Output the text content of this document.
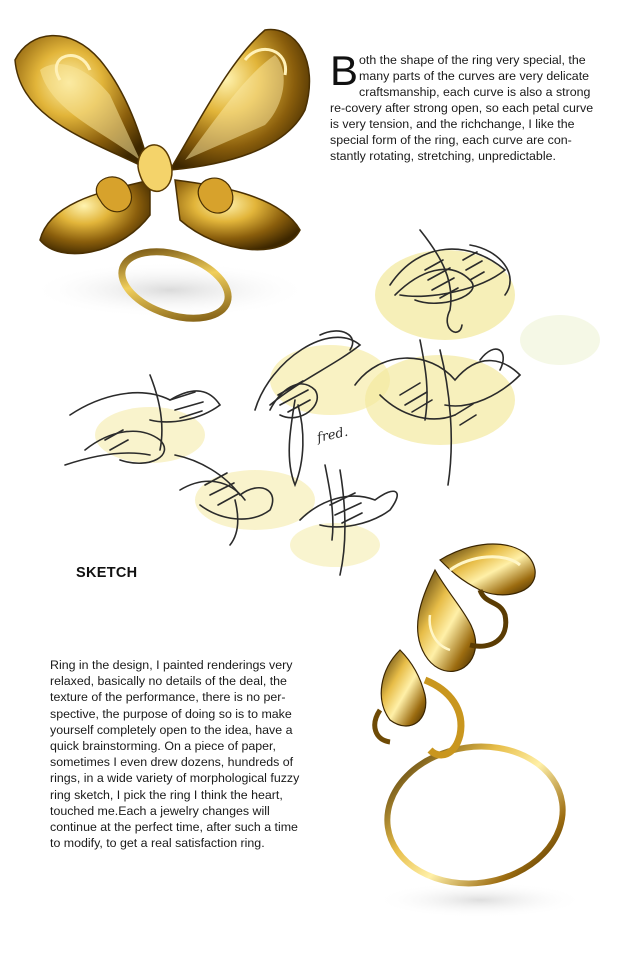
Both the shape of the ring very special, the many parts of the curves are very delicate craftsmanship, each curve is also a strong re-covery after strong open, so each petal curve is very tension, and the richchange, I like the special form of the ring, each curve are con-stantly rotating, stretching, unpredictable.
fred.
SKETCH
Ring in the design, I painted renderings very relaxed, basically no details of the deal, the texture of the performance, there is no per-spective, the purpose of doing so is to make yourself completely open to the idea, have a quick brainstorming. On a piece of paper, sometimes I even drew dozens, hundreds of rings, in a wide variety of morphological fuzzy ring sketch, I pick the ring I think the heart, touched me.Each a jewelry changes will continue at the perfect time, after such a time to modify, to get a real satisfaction ring.
